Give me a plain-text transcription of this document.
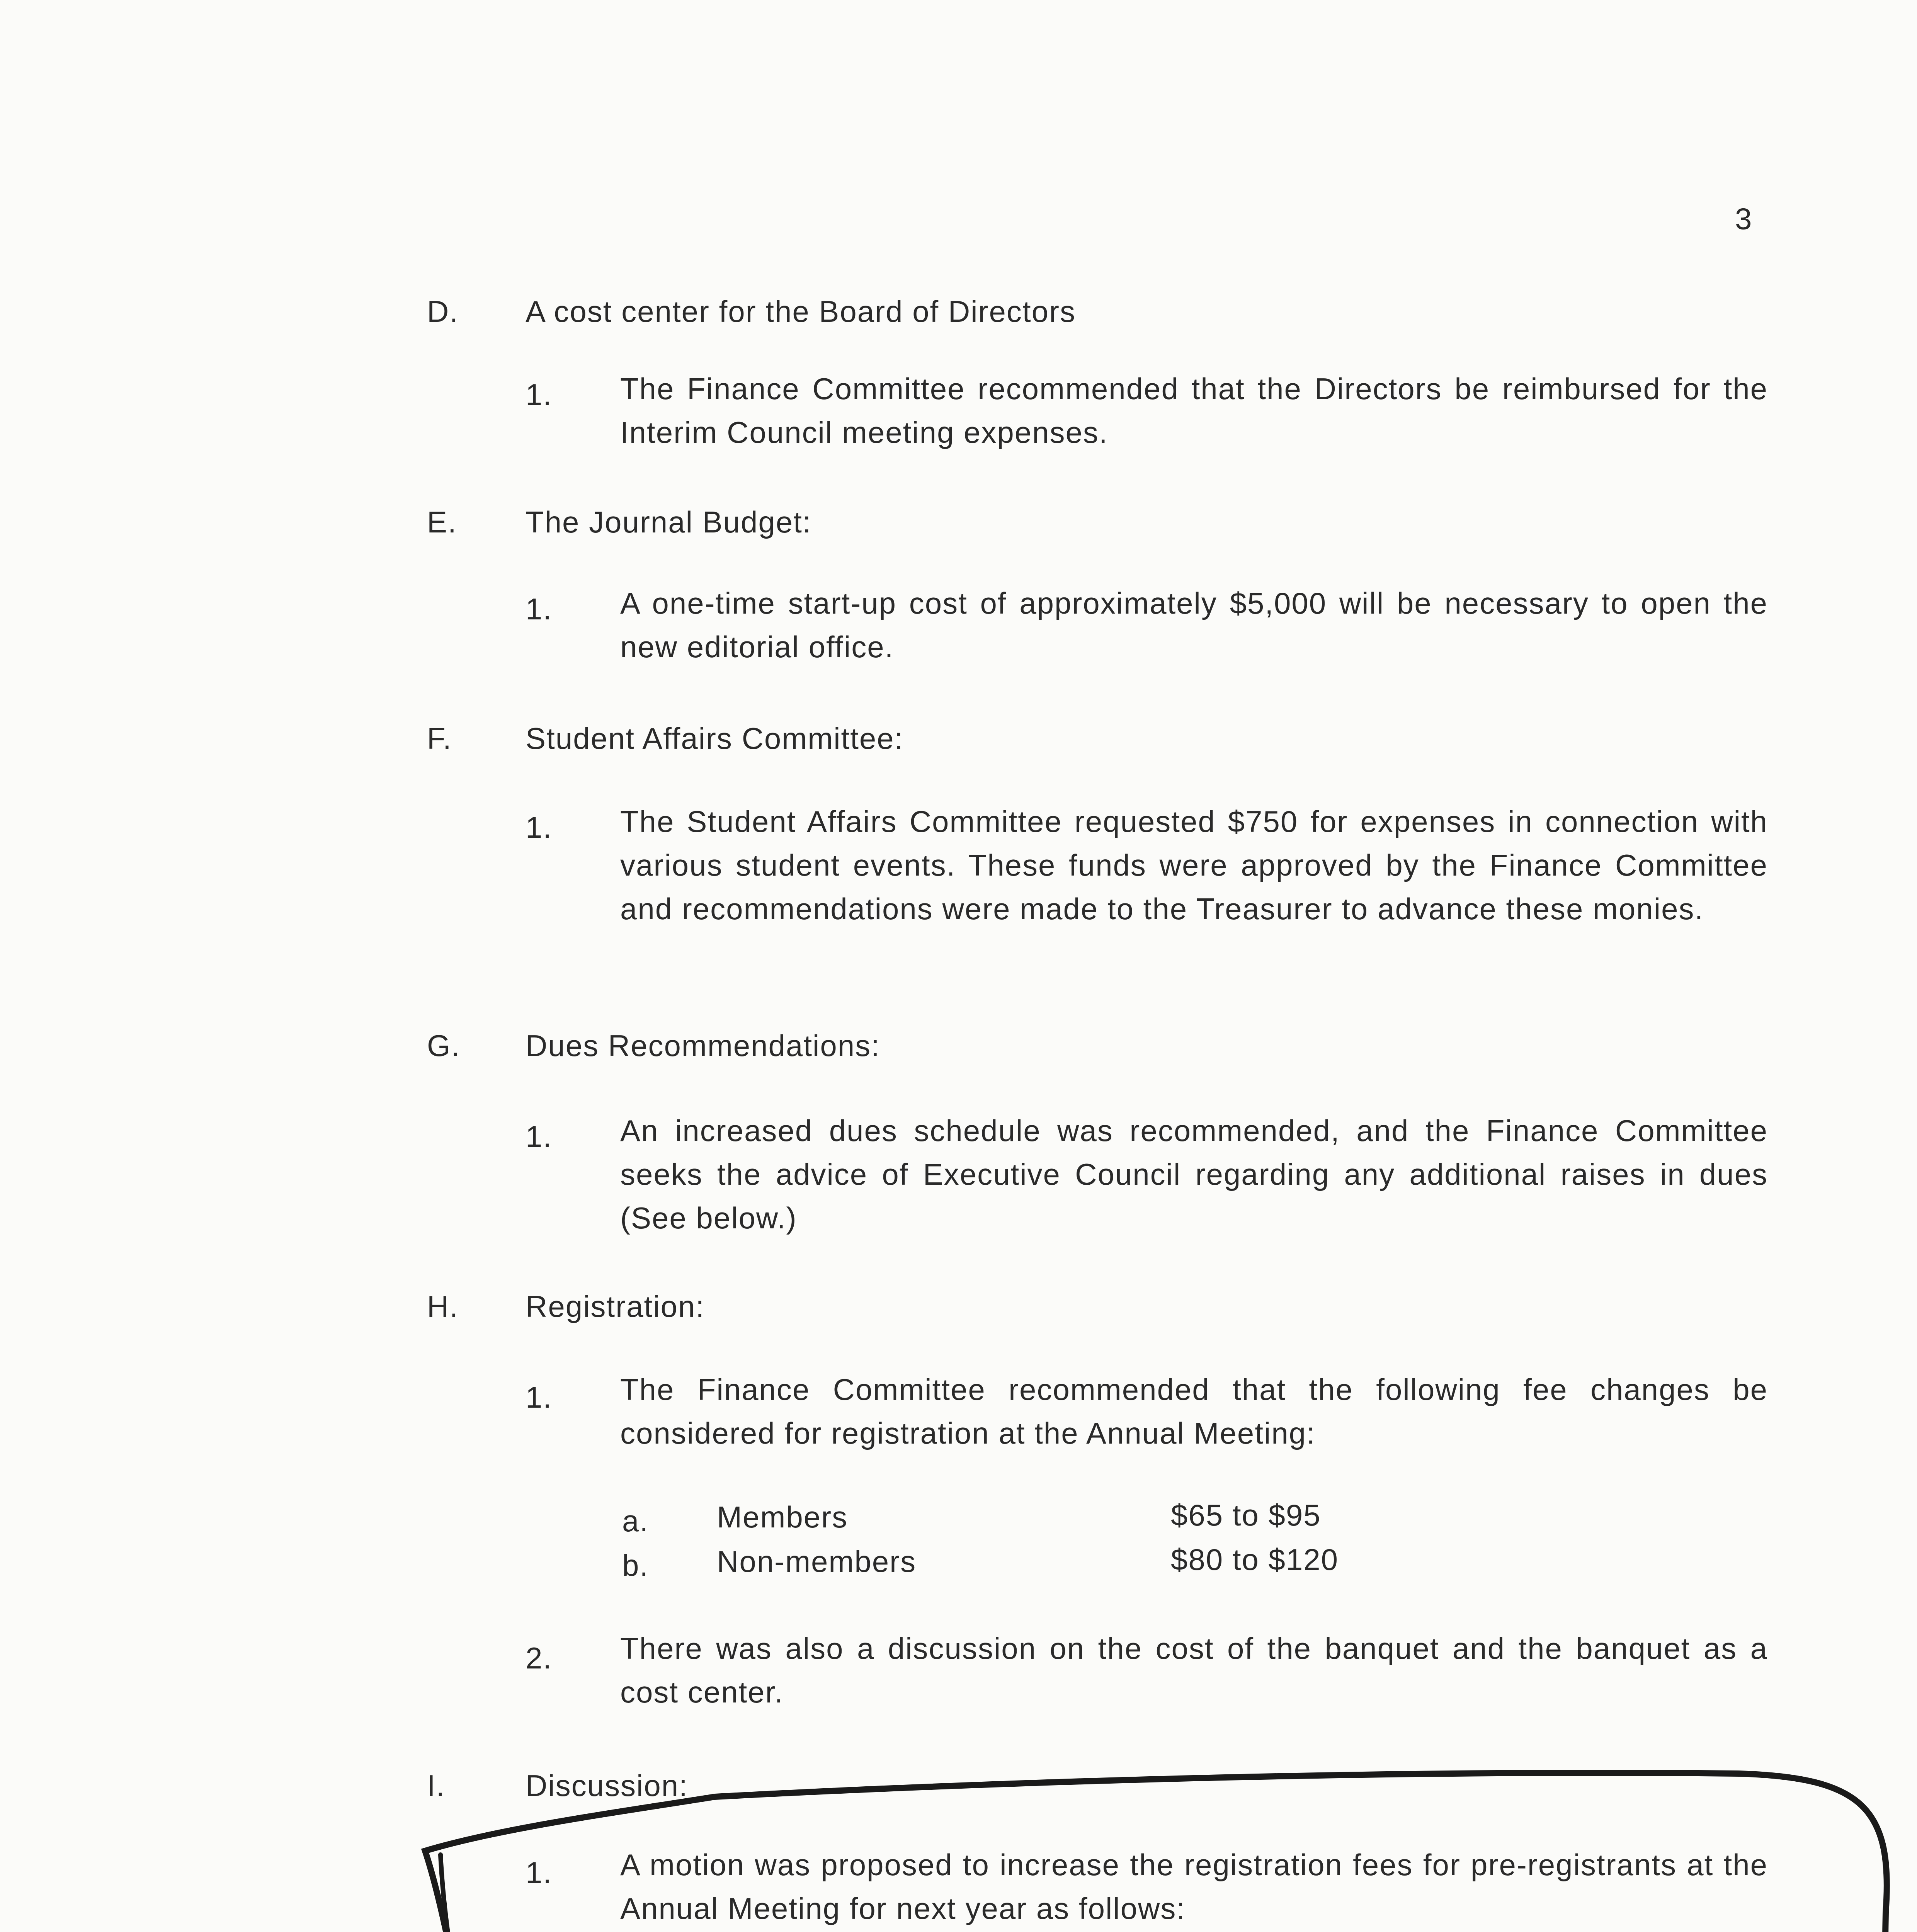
3
D. A cost center for the Board of Directors
1. The Finance Committee recommended that the Directors be reimbursed for the Interim Council meeting expenses.
E. The Journal Budget:
1. A one-time start-up cost of approximately $5,000 will be necessary to open the new editorial office.
F. Student Affairs Committee:
1. The Student Affairs Committee requested $750 for expenses in connection with various student events. These funds were approved by the Finance Committee and recommendations were made to the Treasurer to advance these monies.
G. Dues Recommendations:
1. An increased dues schedule was recommended, and the Finance Committee seeks the advice of Executive Council regarding any additional raises in dues (See below.)
H. Registration:
1. The Finance Committee recommended that the following fee changes be considered for registration at the Annual Meeting:
a. Members	$65 to $95
b. Non-members	$80 to $120
2. There was also a discussion on the cost of the banquet and the banquet as a cost center.
I.	Discussion:
1. A motion was proposed to increase the registration fees for pre-registrants at the Annual Meeting for next year as follows:
